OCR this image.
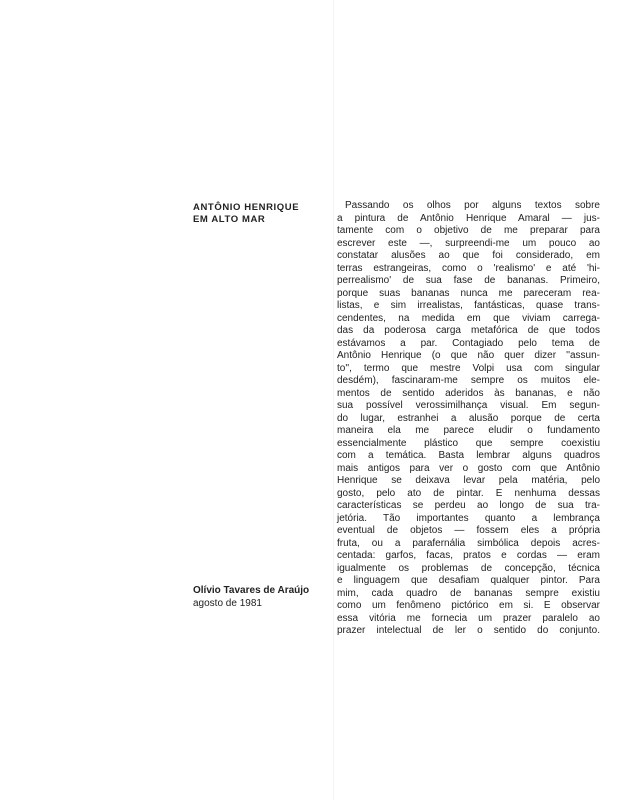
ANTÔNIO HENRIQUE
EM ALTO MAR
Olívio Tavares de Araújo
agosto de 1981
Passando os olhos por alguns textos sobre
a pintura de Antônio Henrique Amaral — jus-
tamente com o objetivo de me preparar para
escrever este —, surpreendi-me um pouco ao
constatar alusões ao que foi considerado, em
terras estrangeiras, como o 'realismo' e até 'hi-
perrealismo' de sua fase de bananas. Primeiro,
porque suas bananas nunca me pareceram rea-
listas, e sim irrealistas, fantásticas, quase trans-
cendentes, na medida em que viviam carrega-
das da poderosa carga metafórica de que todos
estávamos a par. Contagiado pelo tema de
Antônio Henrique (o que não quer dizer ''assun-
to'', termo que mestre Volpi usa com singular
desdém), fascinaram-me sempre os muitos ele-
mentos de sentido aderidos às bananas, e não
sua possível verossimilhança visual. Em segun-
do lugar, estranhei a alusão porque de certa
maneira ela me parece eludir o fundamento
essencialmente plástico que sempre coexistiu
com a temática. Basta lembrar alguns quadros
mais antigos para ver o gosto com que Antônio
Henrique se deixava levar pela matéria, pelo
gosto, pelo ato de pintar. E nenhuma dessas
características se perdeu ao longo de sua tra-
jetória. Tão importantes quanto a lembrança
eventual de objetos — fossem eles a própria
fruta, ou a parafernália simbólica depois acres-
centada: garfos, facas, pratos e cordas — eram
igualmente os problemas de concepção, técnica
e linguagem que desafiam qualquer pintor. Para
mim, cada quadro de bananas sempre existiu
como um fenômeno pictórico em si. E observar
essa vitória me fornecia um prazer paralelo ao
prazer intelectual de ler o sentido do conjunto.
